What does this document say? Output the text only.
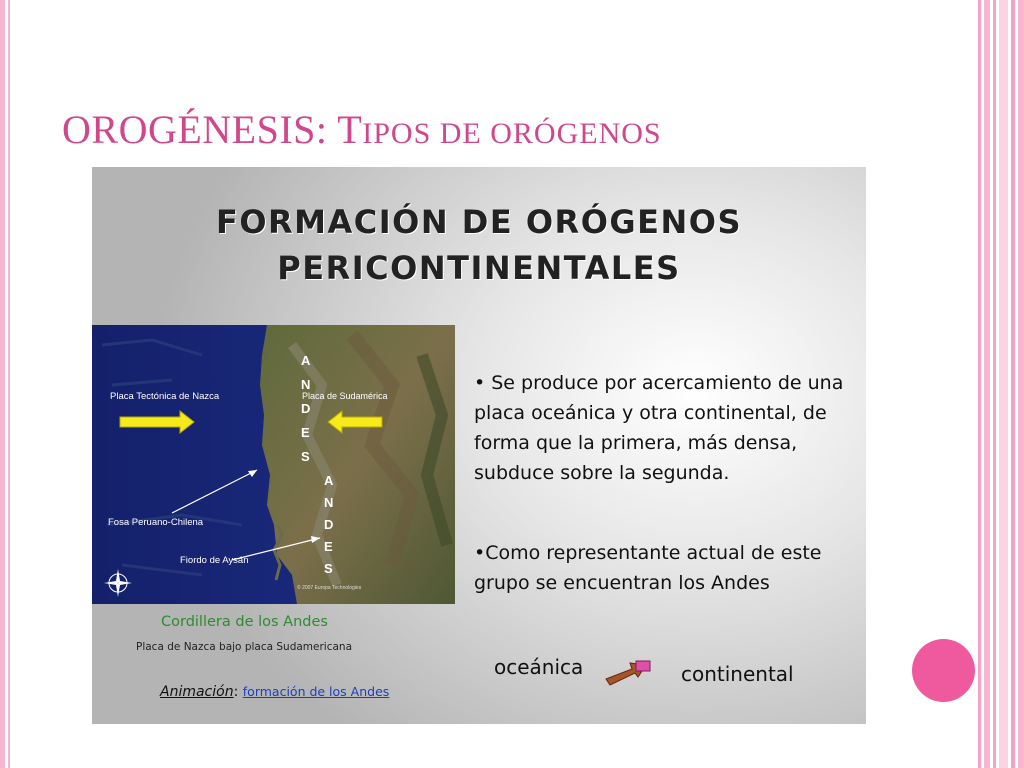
OROGÉNESIS: TIPOS DE ORÓGENOS
FORMACIÓN DE ORÓGENOS
PERICONTINENTALES
Placa Tectónica de Nazca	Placa de Sudamérica
Fosa Peruano-Chilena
Fiordo de Aysán
A
N
D
E
S
A
N
D
E
S
© 2007 Europa Technologies
Cordillera de los Andes
Placa de Nazca bajo placa Sudamericana
Animación: formación de los Andes

• Se produce por acercamiento de una placa oceánica y otra continental, de forma que la primera, más densa, subduce sobre la segunda.

•Como representante actual de este grupo se encuentran los Andes

oceánica	continental
